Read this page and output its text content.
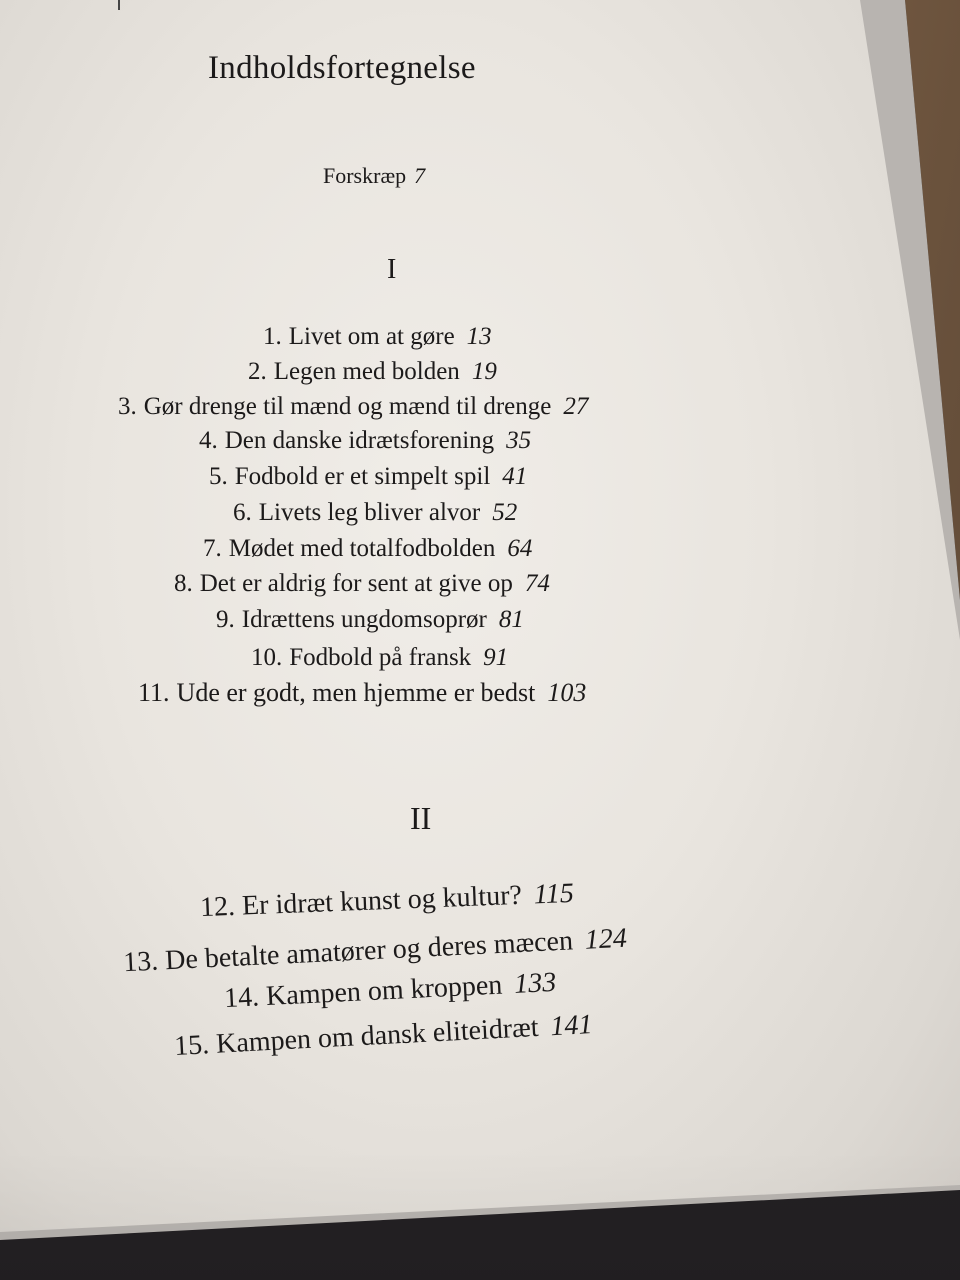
Indholdsfortegnelse
Forskræp 7
I
1. Livet om at gøre 13
2. Legen med bolden 19
3. Gør drenge til mænd og mænd til drenge 27
4. Den danske idrætsforening 35
5. Fodbold er et simpelt spil 41
6. Livets leg bliver alvor 52
7. Mødet med totalfodbolden 64
8. Det er aldrig for sent at give op 74
9. Idrættens ungdomsoprør 81
10. Fodbold på fransk 91
11. Ude er godt, men hjemme er bedst 103
II
12. Er idræt kunst og kultur? 115
13. De betalte amatører og deres mæcen 124
14. Kampen om kroppen 133
15. Kampen om dansk eliteidræt 141
